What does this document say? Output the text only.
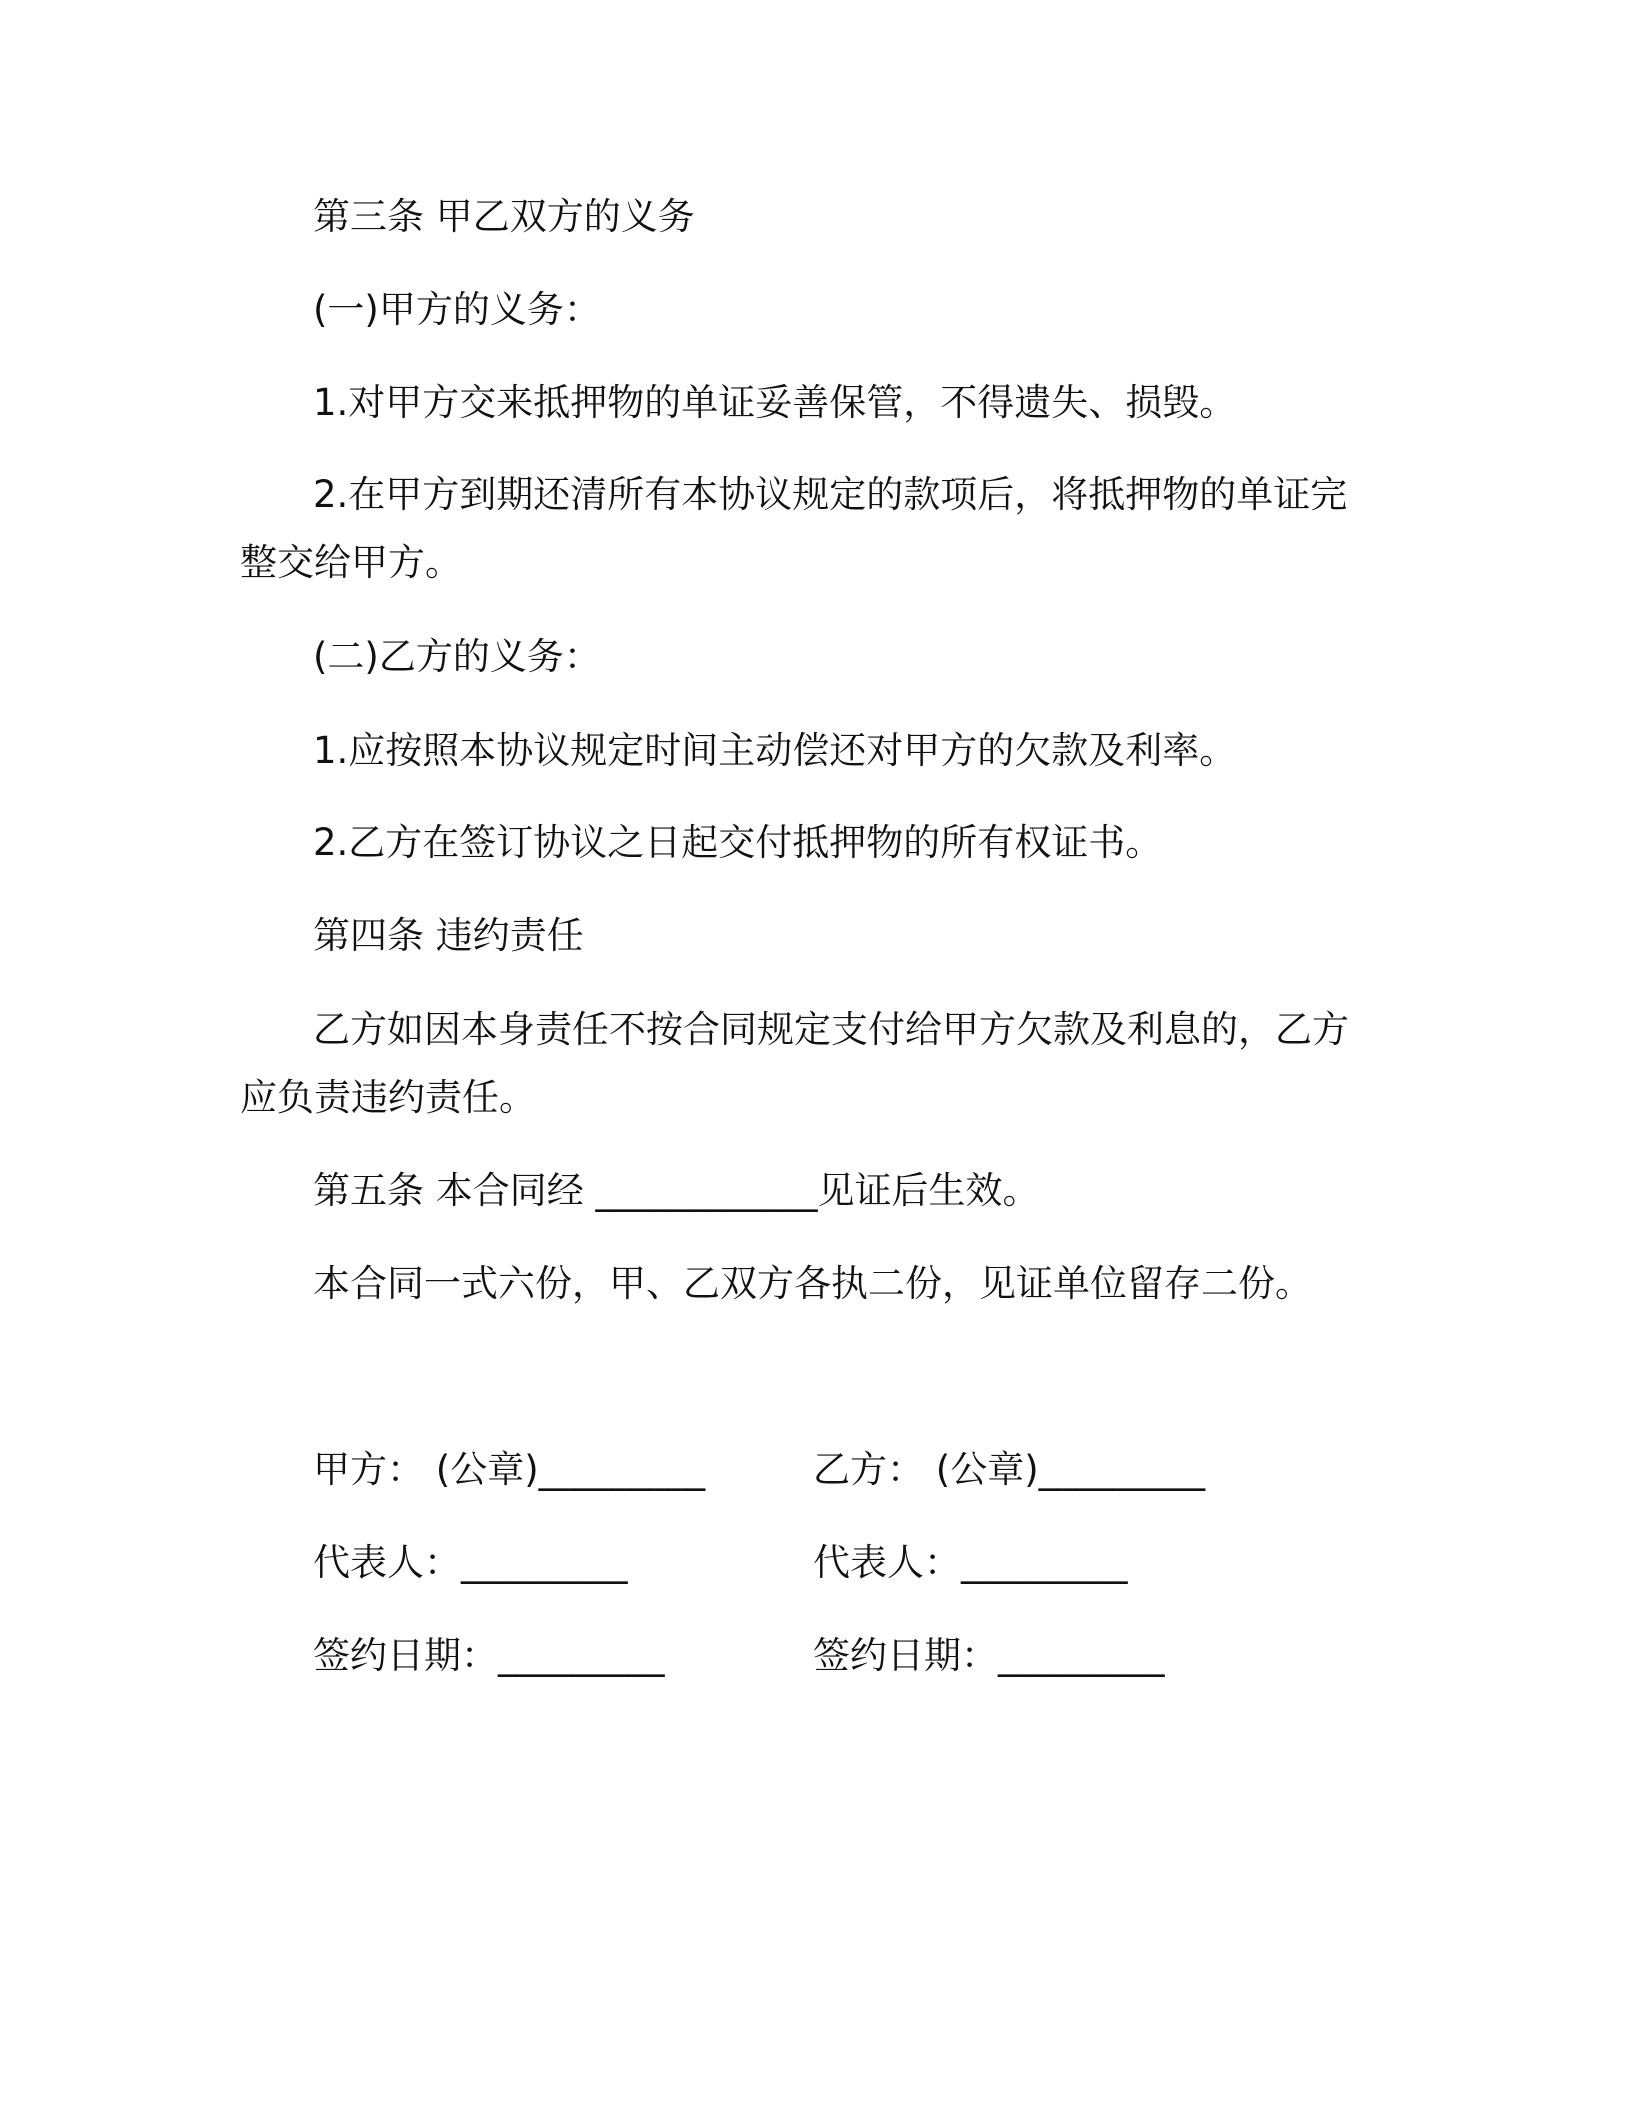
第三条 甲乙双方的义务
(一)甲方的义务：
1.对甲方交来抵押物的单证妥善保管，不得遗失、损毁。
2.在甲方到期还清所有本协议规定的款项后，将抵押物的单证完
整交给甲方。
(二)乙方的义务：
1.应按照本协议规定时间主动偿还对甲方的欠款及利率。
2.乙方在签订协议之日起交付抵押物的所有权证书。
第四条 违约责任
乙方如因本身责任不按合同规定支付给甲方欠款及利息的，乙方
应负责违约责任。
第五条 本合同经 ____________见证后生效。
本合同一式六份，甲、乙双方各执二份，见证单位留存二份。
甲方： (公章)_________	乙方： (公章)_________
代表人：_________	代表人：_________
签约日期：_________	签约日期：_________
